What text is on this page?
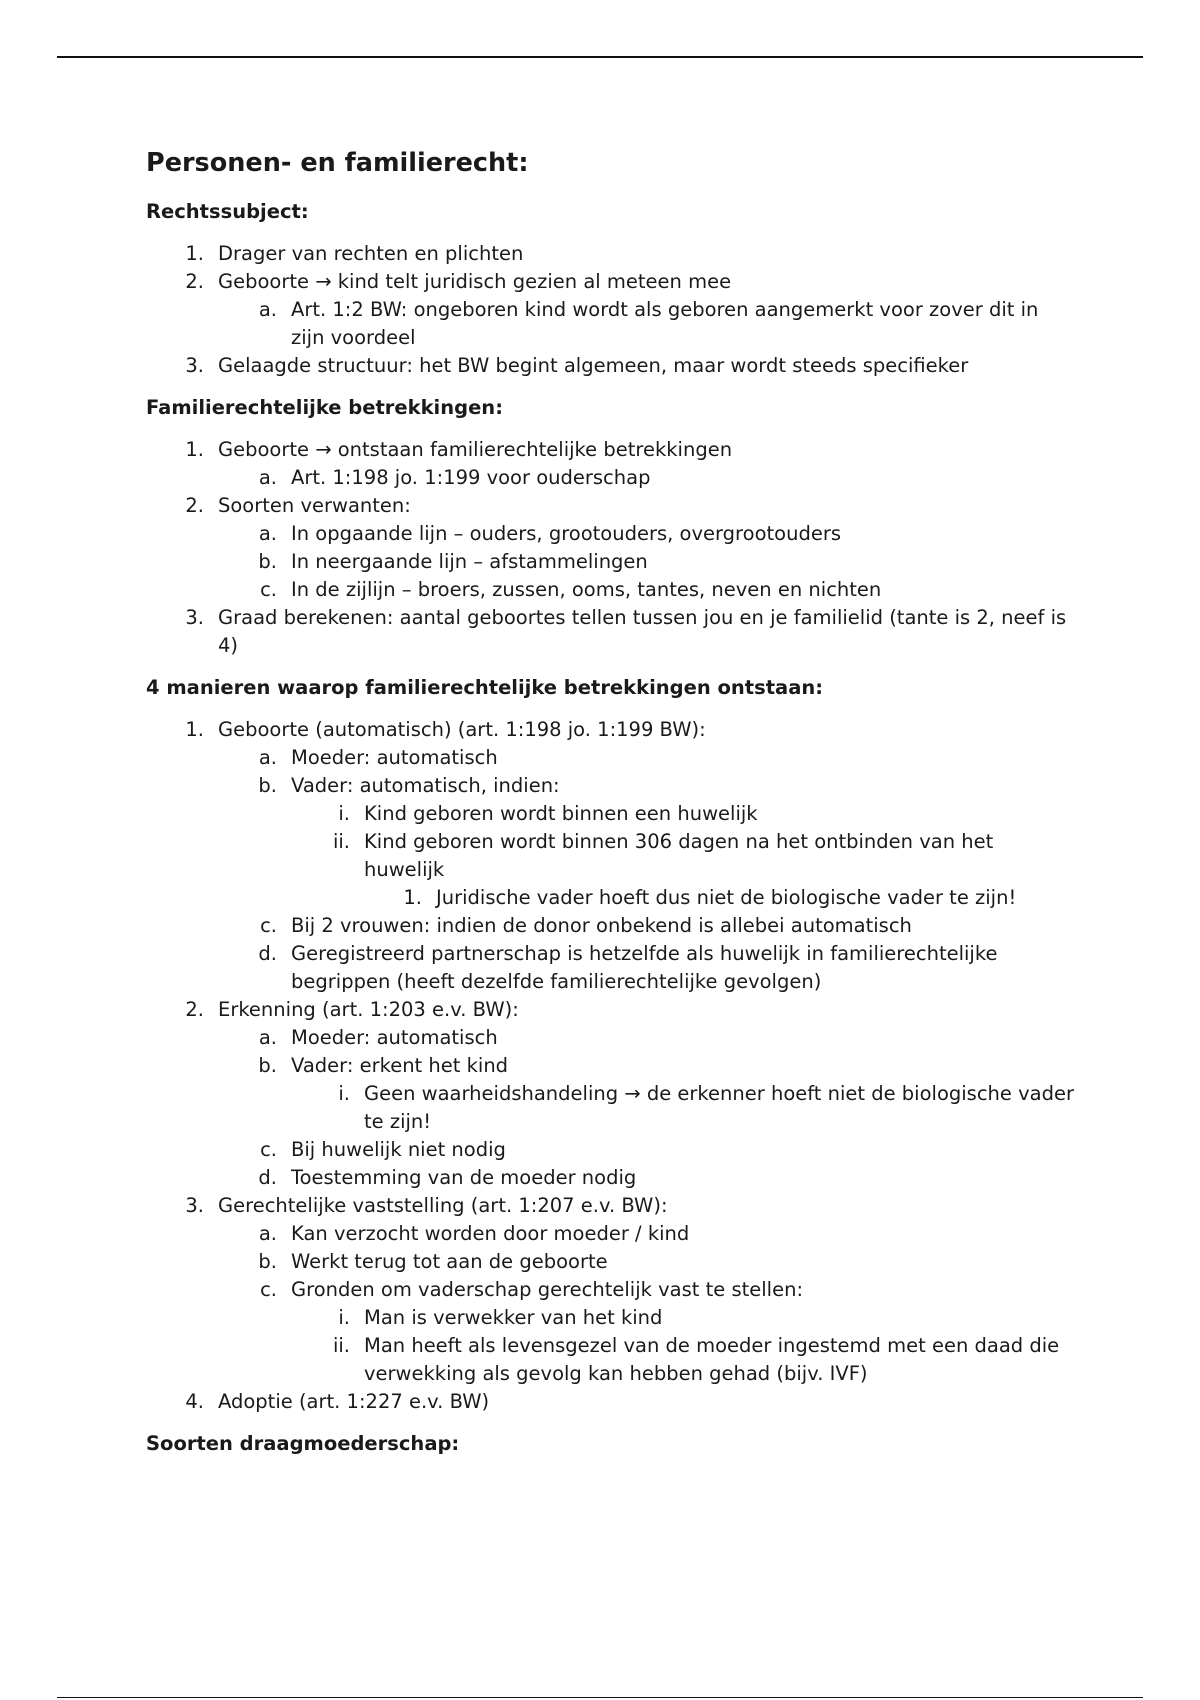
Personen- en familierecht:
Rechtssubject:
1. Drager van rechten en plichten
2. Geboorte → kind telt juridisch gezien al meteen mee
a. Art. 1:2 BW: ongeboren kind wordt als geboren aangemerkt voor zover dit in zijn voordeel
3. Gelaagde structuur: het BW begint algemeen, maar wordt steeds specifieker
Familierechtelijke betrekkingen:
1. Geboorte → ontstaan familierechtelijke betrekkingen
a. Art. 1:198 jo. 1:199 voor ouderschap
2. Soorten verwanten:
a. In opgaande lijn – ouders, grootouders, overgrootouders
b. In neergaande lijn – afstammelingen
c. In de zijlijn – broers, zussen, ooms, tantes, neven en nichten
3. Graad berekenen: aantal geboortes tellen tussen jou en je familielid (tante is 2, neef is 4)
4 manieren waarop familierechtelijke betrekkingen ontstaan:
1. Geboorte (automatisch) (art. 1:198 jo. 1:199 BW):
a. Moeder: automatisch
b. Vader: automatisch, indien:
i. Kind geboren wordt binnen een huwelijk
ii. Kind geboren wordt binnen 306 dagen na het ontbinden van het huwelijk
1. Juridische vader hoeft dus niet de biologische vader te zijn!
c. Bij 2 vrouwen: indien de donor onbekend is allebei automatisch
d. Geregistreerd partnerschap is hetzelfde als huwelijk in familierechtelijke begrippen (heeft dezelfde familierechtelijke gevolgen)
2. Erkenning (art. 1:203 e.v. BW):
a. Moeder: automatisch
b. Vader: erkent het kind
i. Geen waarheidshandeling → de erkenner hoeft niet de biologische vader te zijn!
c. Bij huwelijk niet nodig
d. Toestemming van de moeder nodig
3. Gerechtelijke vaststelling (art. 1:207 e.v. BW):
a. Kan verzocht worden door moeder / kind
b. Werkt terug tot aan de geboorte
c. Gronden om vaderschap gerechtelijk vast te stellen:
i. Man is verwekker van het kind
ii. Man heeft als levensgezel van de moeder ingestemd met een daad die verwekking als gevolg kan hebben gehad (bijv. IVF)
4. Adoptie (art. 1:227 e.v. BW)
Soorten draagmoederschap:
